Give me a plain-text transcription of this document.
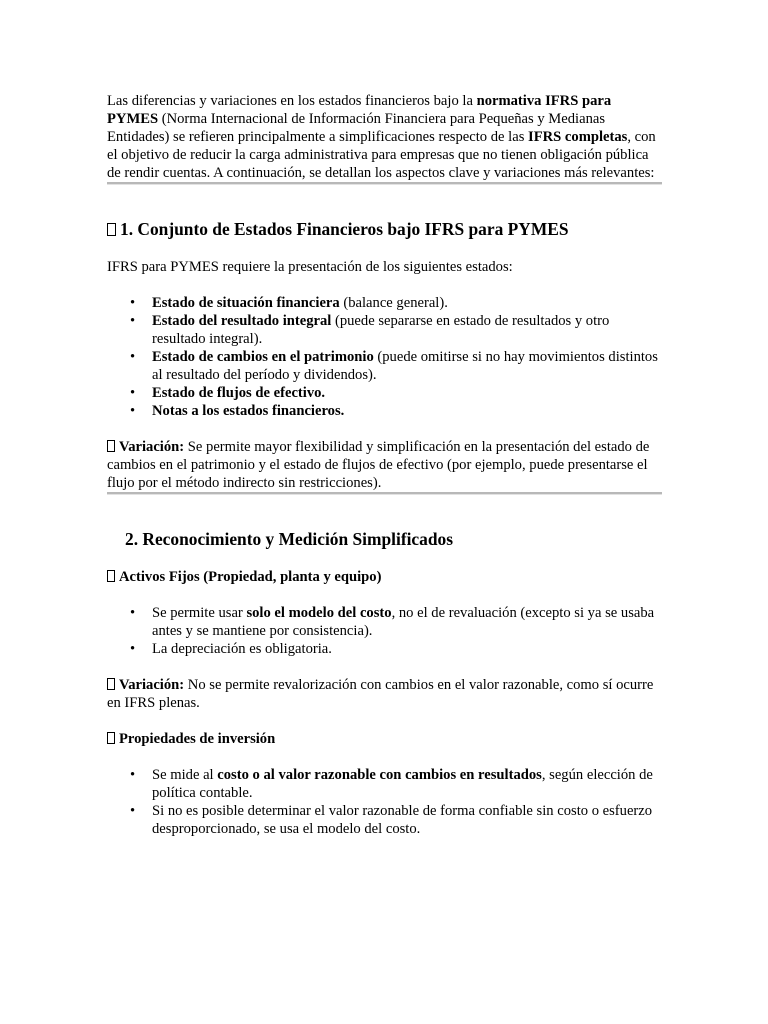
Las diferencias y variaciones en los estados financieros bajo la normativa IFRS para PYMES (Norma Internacional de Información Financiera para Pequeñas y Medianas Entidades) se refieren principalmente a simplificaciones respecto de las IFRS completas, con el objetivo de reducir la carga administrativa para empresas que no tienen obligación pública de rendir cuentas. A continuación, se detallan los aspectos clave y variaciones más relevantes:

1. Conjunto de Estados Financieros bajo IFRS para PYMES

IFRS para PYMES requiere la presentación de los siguientes estados:

• Estado de situación financiera (balance general).
• Estado del resultado integral (puede separarse en estado de resultados y otro resultado integral).
• Estado de cambios en el patrimonio (puede omitirse si no hay movimientos distintos al resultado del período y dividendos).
• Estado de flujos de efectivo.
• Notas a los estados financieros.

Variación: Se permite mayor flexibilidad y simplificación en la presentación del estado de cambios en el patrimonio y el estado de flujos de efectivo (por ejemplo, puede presentarse el flujo por el método indirecto sin restricciones).

2. Reconocimiento y Medición Simplificados

Activos Fijos (Propiedad, planta y equipo)

• Se permite usar solo el modelo del costo, no el de revaluación (excepto si ya se usaba antes y se mantiene por consistencia).
• La depreciación es obligatoria.

Variación: No se permite revalorización con cambios en el valor razonable, como sí ocurre en IFRS plenas.

Propiedades de inversión

• Se mide al costo o al valor razonable con cambios en resultados, según elección de política contable.
• Si no es posible determinar el valor razonable de forma confiable sin costo o esfuerzo desproporcionado, se usa el modelo del costo.
